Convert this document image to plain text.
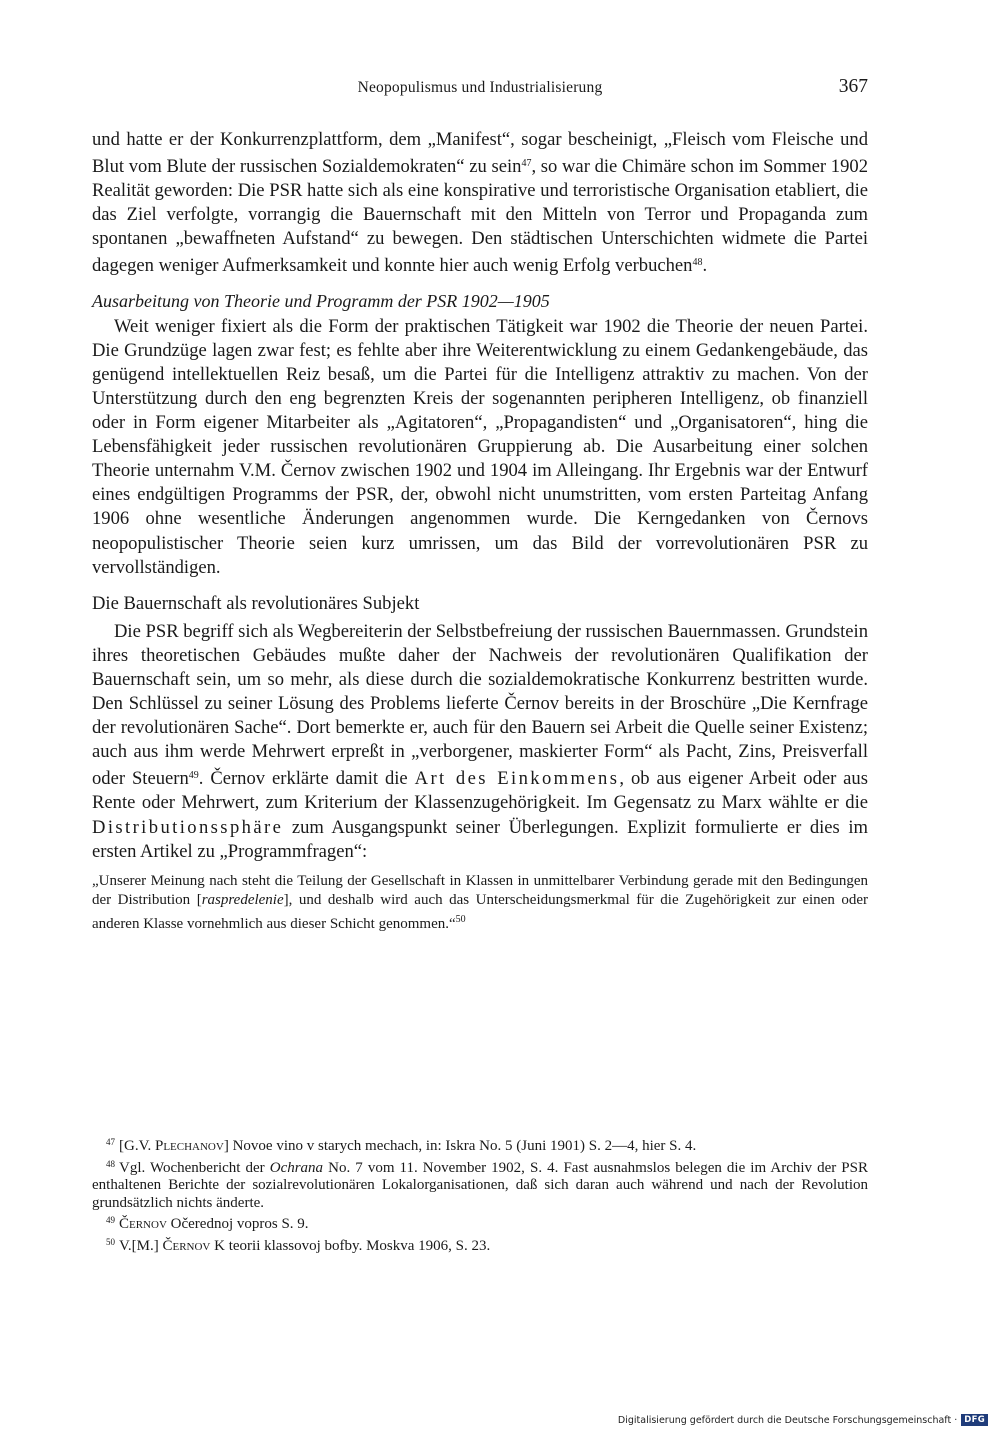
Neopopulismus und Industrialisierung	367

und hatte er der Konkurrenzplattform, dem „Manifest“, sogar bescheinigt, „Fleisch vom Fleische und Blut vom Blute der russischen Sozialdemokraten“ zu sein$^{47}$, so war die Chimäre schon im Sommer 1902 Realität geworden: Die PSR hatte sich als eine konspirative und terroristische Organisation etabliert, die das Ziel verfolgte, vorrangig die Bauernschaft mit den Mitteln von Terror und Propaganda zum spontanen „bewaffneten Aufstand“ zu bewegen. Den städtischen Unterschichten widmete die Partei dagegen weniger Aufmerksamkeit und konnte hier auch wenig Erfolg verbuchen$^{48}$.

Ausarbeitung von Theorie und Programm der PSR 1902—1905

Weit weniger fixiert als die Form der praktischen Tätigkeit war 1902 die Theorie der neuen Partei. Die Grundzüge lagen zwar fest; es fehlte aber ihre Weiterentwicklung zu einem Gedankengebäude, das genügend intellektuellen Reiz besaß, um die Partei für die Intelligenz attraktiv zu machen. Von der Unterstützung durch den eng begrenzten Kreis der sogenannten peripheren Intelligenz, ob finanziell oder in Form eigener Mitarbeiter als „Agitatoren“, „Propagandisten“ und „Organisatoren“, hing die Lebensfähigkeit jeder russischen revolutionären Gruppierung ab. Die Ausarbeitung einer solchen Theorie unternahm V.M. Černov zwischen 1902 und 1904 im Alleingang. Ihr Ergebnis war der Entwurf eines endgültigen Programms der PSR, der, obwohl nicht unumstritten, vom ersten Parteitag Anfang 1906 ohne wesentliche Änderungen angenommen wurde. Die Kerngedanken von Černovs neopopulistischer Theorie seien kurz umrissen, um das Bild der vorrevolutionären PSR zu vervollständigen.

Die Bauernschaft als revolutionäres Subjekt

Die PSR begriff sich als Wegbereiterin der Selbstbefreiung der russischen Bauernmassen. Grundstein ihres theoretischen Gebäudes mußte daher der Nachweis der revolutionären Qualifikation der Bauernschaft sein, um so mehr, als diese durch die sozialdemokratische Konkurrenz bestritten wurde. Den Schlüssel zu seiner Lösung des Problems lieferte Černov bereits in der Broschüre „Die Kernfrage der revolutionären Sache“. Dort bemerkte er, auch für den Bauern sei Arbeit die Quelle seiner Existenz; auch aus ihm werde Mehrwert erpreßt in „verborgener, maskierter Form“ als Pacht, Zins, Preisverfall oder Steuern$^{49}$. Černov erklärte damit die Art des Einkommens, ob aus eigener Arbeit oder aus Rente oder Mehrwert, zum Kriterium der Klassenzugehörigkeit. Im Gegensatz zu Marx wählte er die Distributionssphäre zum Ausgangspunkt seiner Überlegungen. Explizit formulierte er dies im ersten Artikel zu „Programmfragen“:

„Unserer Meinung nach steht die Teilung der Gesellschaft in Klassen in unmittelbarer Verbindung gerade mit den Bedingungen der Distribution [raspredelenie], und deshalb wird auch das Unterscheidungsmerkmal für die Zugehörigkeit zur einen oder anderen Klasse vornehmlich aus dieser Schicht genommen.“$^{50}$

$^{47}$ [G.V. Plechanov] Novoe vino v starych mechach, in: Iskra No. 5 (Juni 1901) S. 2—4, hier S. 4.

$^{48}$ Vgl. Wochenbericht der Ochrana No. 7 vom 11. November 1902, S. 4. Fast ausnahmslos belegen die im Archiv der PSR enthaltenen Berichte der sozialrevolutionären Lokalorganisationen, daß sich daran auch während und nach der Revolution grundsätzlich nichts änderte.

$^{49}$ Černov Očerednoj vopros S. 9.

$^{50}$ V.[M.] Černov K teorii klassovoj bofby. Moskva 1906, S. 23.

Digitalisierung gefördert durch die Deutsche Forschungsgemeinschaft · DFG
